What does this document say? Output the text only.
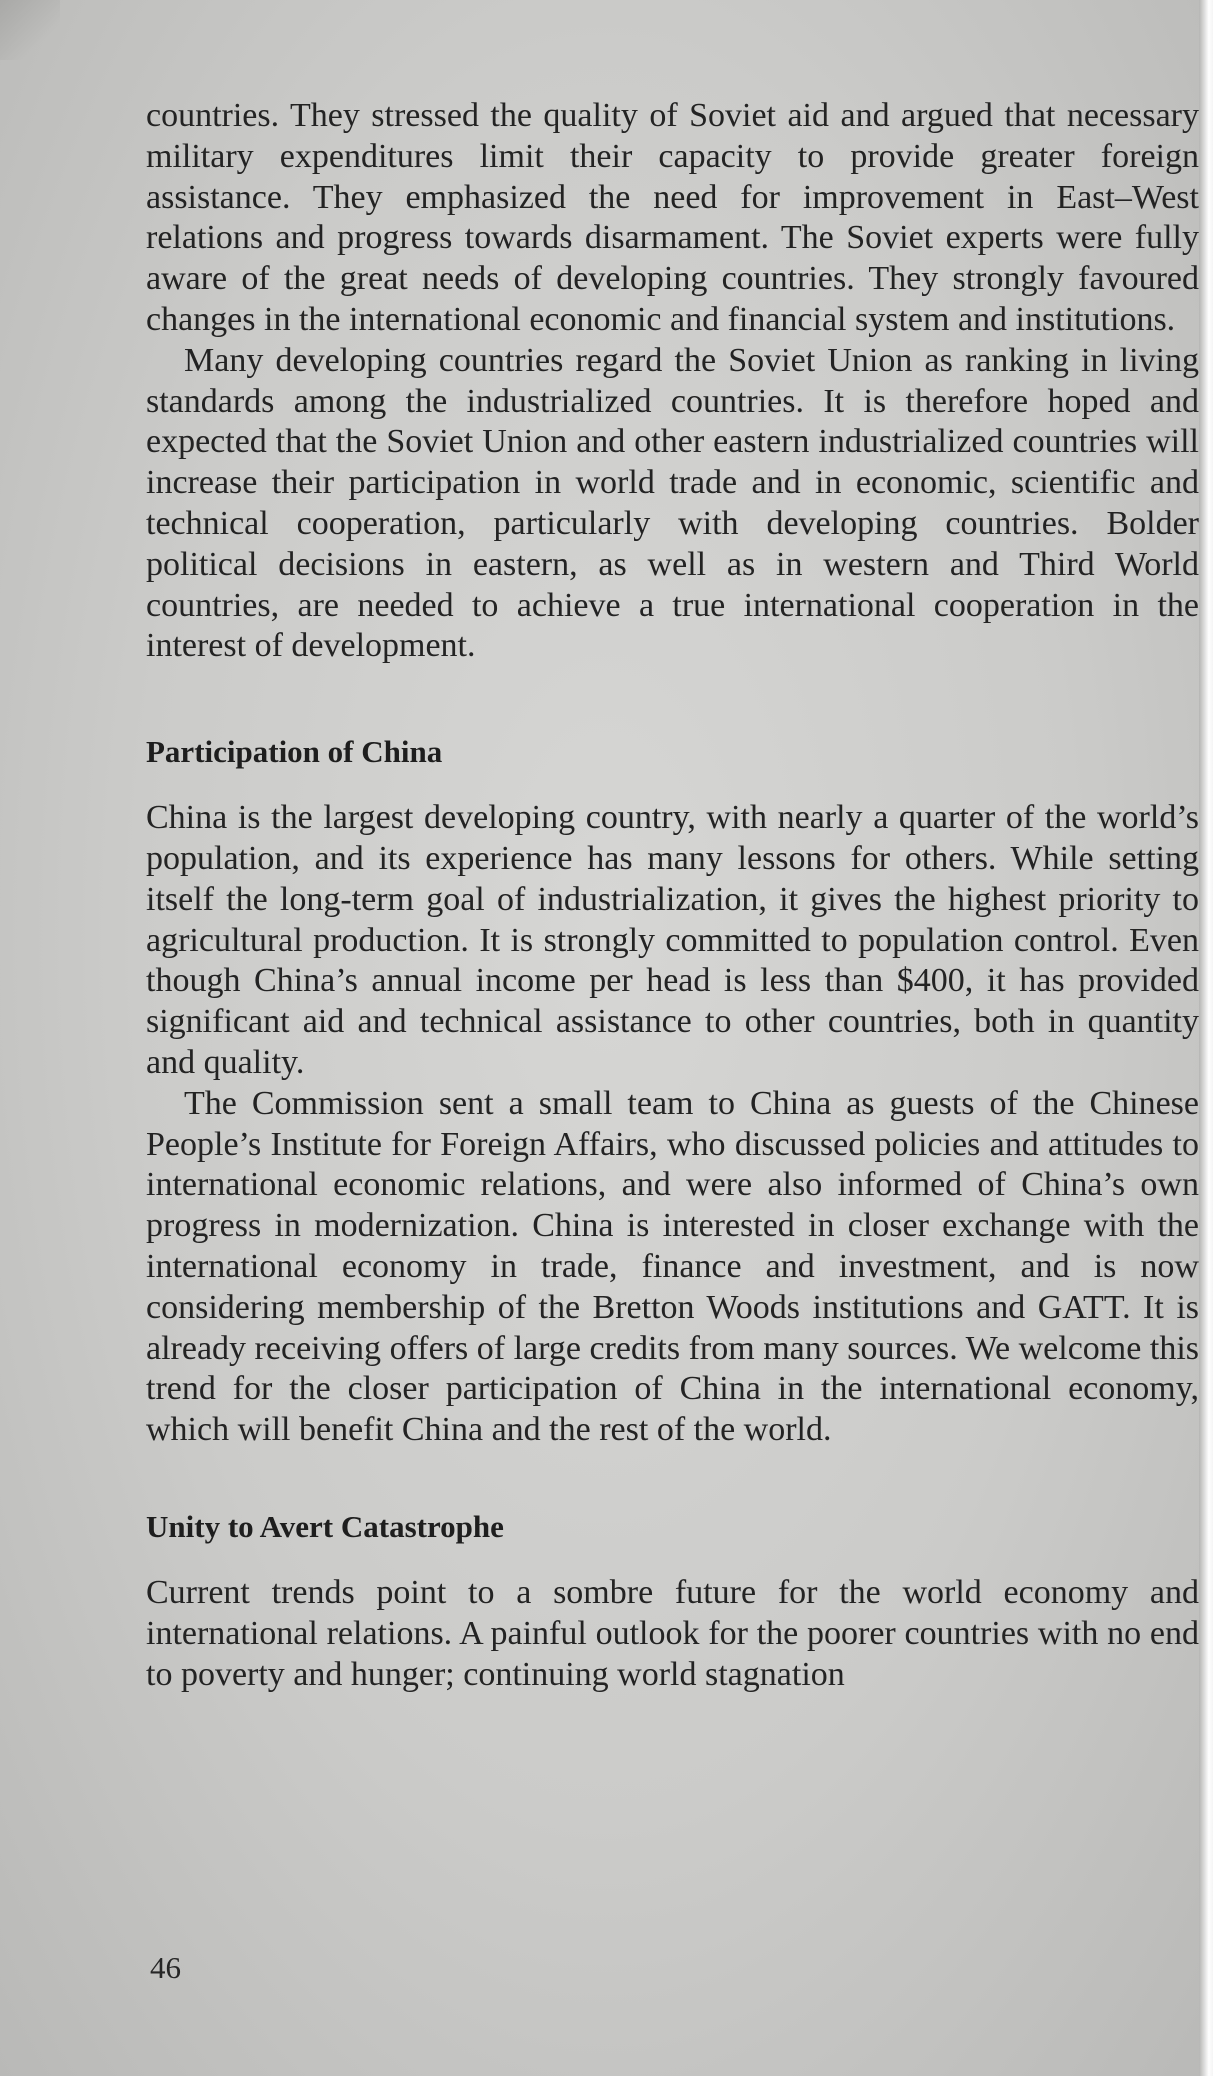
countries. They stressed the quality of Soviet aid and argued that necessary military expenditures limit their capacity to provide greater foreign assistance. They emphasized the need for improvement in East–West relations and progress towards disarmament. The Soviet experts were fully aware of the great needs of developing countries. They strongly favoured changes in the international economic and financial system and institutions.

Many developing countries regard the Soviet Union as ranking in living standards among the industrialized countries. It is therefore hoped and expected that the Soviet Union and other eastern industrialized countries will increase their participation in world trade and in economic, scientific and technical cooperation, particularly with developing countries. Bolder political decisions in eastern, as well as in western and Third World countries, are needed to achieve a true international cooperation in the interest of development.

Participation of China

China is the largest developing country, with nearly a quarter of the world’s population, and its experience has many lessons for others. While setting itself the long-term goal of industrialization, it gives the highest priority to agricultural production. It is strongly committed to population control. Even though China’s annual income per head is less than $400, it has provided significant aid and technical assistance to other countries, both in quantity and quality.

The Commission sent a small team to China as guests of the Chinese People’s Institute for Foreign Affairs, who discussed policies and attitudes to international economic relations, and were also informed of China’s own progress in modernization. China is interested in closer exchange with the international economy in trade, finance and investment, and is now considering membership of the Bretton Woods institutions and GATT. It is already receiving offers of large credits from many sources. We welcome this trend for the closer participation of China in the international economy, which will benefit China and the rest of the world.

Unity to Avert Catastrophe

Current trends point to a sombre future for the world economy and international relations. A painful outlook for the poorer countries with no end to poverty and hunger; continuing world stagnation

46
